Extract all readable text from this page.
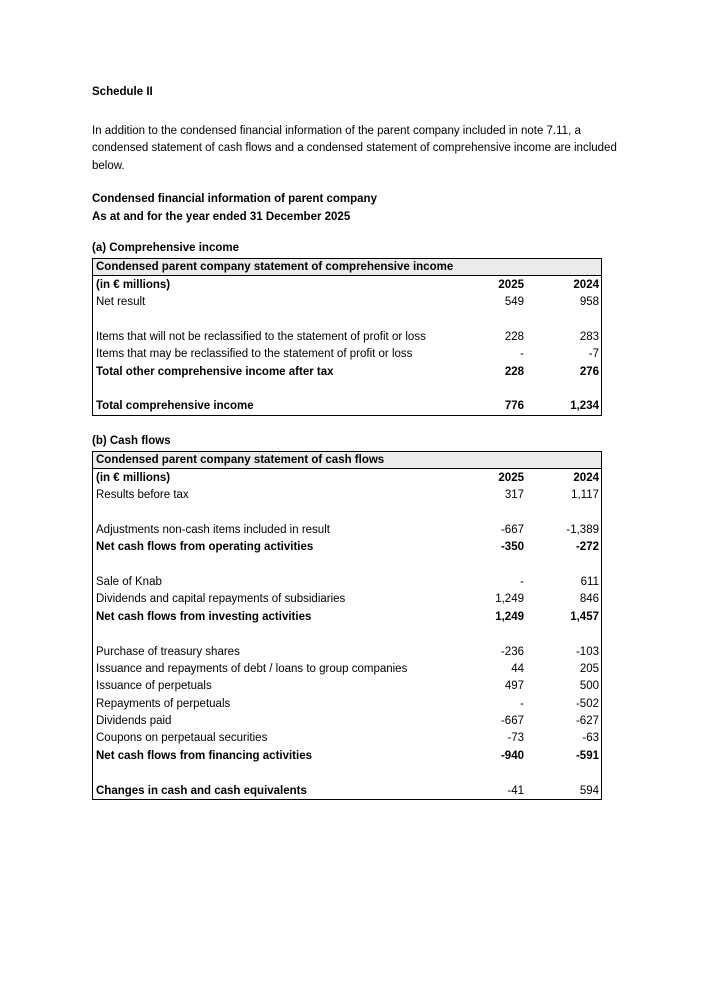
Schedule II

In addition to the condensed financial information of the parent company included in note 7.11, a condensed statement of cash flows and a condensed statement of comprehensive income are included below.

Condensed financial information of parent company
As at and for the year ended 31 December 2025
(a) Comprehensive income
Condensed parent company statement of comprehensive income
(in € millions)	2025	2024
Net result	549	958
Items that will not be reclassified to the statement of profit or loss	228	283
Items that may be reclassified to the statement of profit or loss	-	-7
Total other comprehensive income after tax	228	276
Total comprehensive income	776	1,234
(b) Cash flows
Condensed parent company statement of cash flows
(in € millions)	2025	2024
Results before tax	317	1,117
Adjustments non-cash items included in result	-667	-1,389
Net cash flows from operating activities	-350	-272
Sale of Knab	-	611
Dividends and capital repayments of subsidiaries	1,249	846
Net cash flows from investing activities	1,249	1,457
Purchase of treasury shares	-236	-103
Issuance and repayments of debt / loans to group companies	44	205
Issuance of perpetuals	497	500
Repayments of perpetuals	-	-502
Dividends paid	-667	-627
Coupons on perpetaual securities	-73	-63
Net cash flows from financing activities	-940	-591
Changes in cash and cash equivalents	-41	594
